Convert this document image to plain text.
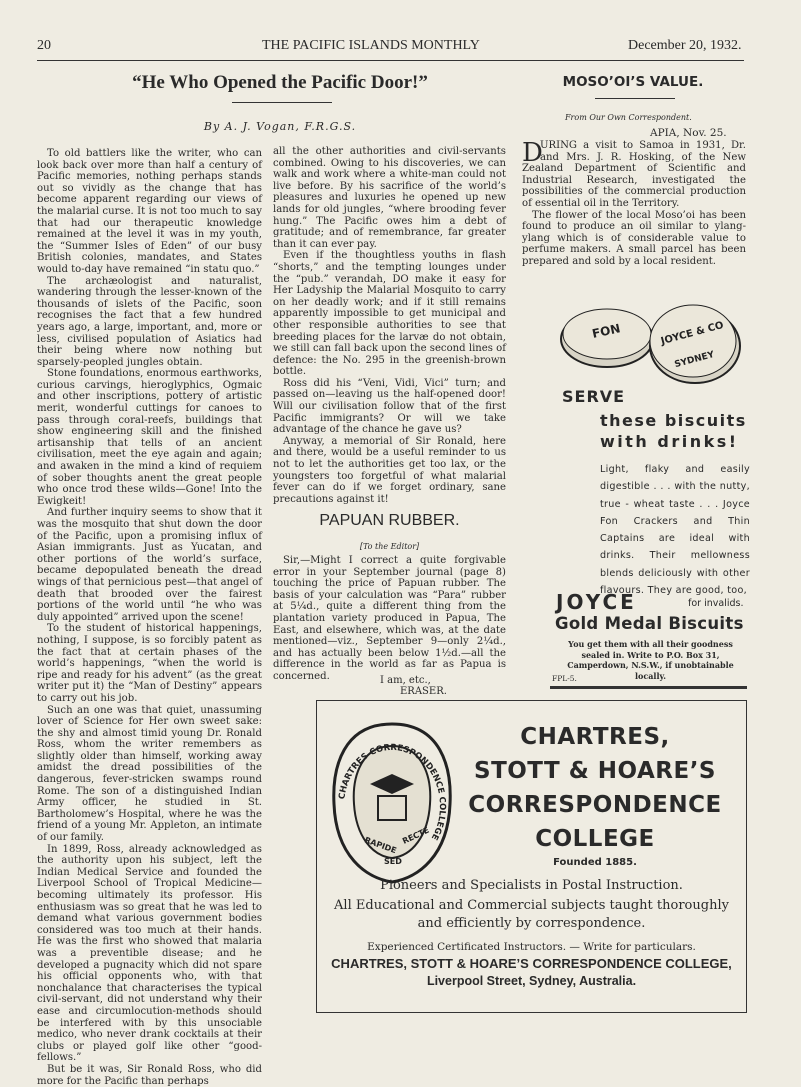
20	THE PACIFIC ISLANDS MONTHLY	December 20, 1932.
“He Who Opened the Pacific Door!”
By A. J. Vogan, F.R.G.S.

To old battlers like the writer, who can look back over more than half a century of Pacific memories, nothing perhaps stands out so vividly as the change that has become apparent regarding our views of the malarial curse. It is not too much to say that had our therapeutic knowledge remained at the level it was in my youth, the “Summer Isles of Eden” of our busy British colonies, mandates, and States would to-day have remained “in statu quo.”

The archæologist and naturalist, wandering through the lesser-known of the thousands of islets of the Pacific, soon recognises the fact that a few hundred years ago, a large, important, and, more or less, civilised population of Asiatics had their being where now nothing but sparsely-peopled jungles obtain.

Stone foundations, enormous earthworks, curious carvings, hieroglyphics, Ogmaic and other inscriptions, pottery of artistic merit, wonderful cuttings for canoes to pass through coral-reefs, buildings that show engineering skill and the finished artisanship that tells of an ancient civilisation, meet the eye again and again; and awaken in the mind a kind of requiem of sober thoughts anent the great people who once trod these wilds—Gone! Into the Ewigkeit!

And further inquiry seems to show that it was the mosquito that shut down the door of the Pacific, upon a promising influx of Asian immigrants. Just as Yucatan, and other portions of the world’s surface, became depopulated beneath the dread wings of that pernicious pest—that angel of death that brooded over the fairest portions of the world until “he who was duly appointed” arrived upon the scene!

To the student of historical happenings, nothing, I suppose, is so forcibly patent as the fact that at certain phases of the world’s happenings, “when the world is ripe and ready for his advent” (as the great writer put it) the “Man of Destiny” appears to carry out his job.

Such an one was that quiet, unassuming lover of Science for Her own sweet sake: the shy and almost timid young Dr. Ronald Ross, whom the writer remembers as slightly older than himself, working away amidst the dread possibilities of the dangerous, fever-stricken swamps round Rome. The son of a distinguished Indian Army officer, he studied in St. Bartholomew’s Hospital, where he was the friend of a young Mr. Appleton, an intimate of our family.

In 1899, Ross, already acknowledged as the authority upon his subject, left the Indian Medical Service and founded the Liverpool School of Tropical Medicine—becoming ultimately its professor. His enthusiasm was so great that he was led to demand what various government bodies considered was too much at their hands. He was the first who showed that malaria was a preventible disease; and he developed a pugnacity which did not spare his official opponents who, with that nonchalance that characterises the typical civil-servant, did not understand why their ease and circumlocution-methods should be interfered with by this unsociable medico, who never drank cocktails at their clubs or played golf like other “good-fellows.”

But be it was, Sir Ronald Ross, who did more for the Pacific than perhaps

all the other authorities and civil-servants combined. Owing to his discoveries, we can walk and work where a white-man could not live before. By his sacrifice of the world’s pleasures and luxuries he opened up new lands for old jungles, “where brooding fever hung.” The Pacific owes him a debt of gratitude; and of remembrance, far greater than it can ever pay.

Even if the thoughtless youths in flash “shorts,” and the tempting lounges under the “pub.” verandah, DO make it easy for Her Ladyship the Malarial Mosquito to carry on her deadly work; and if it still remains apparently impossible to get municipal and other responsible authorities to see that breeding places for the larvæ do not obtain, we still can fall back upon the second lines of defence: the No. 295 in the greenish-brown bottle.

Ross did his “Veni, Vidi, Vici” turn; and passed on—leaving us the half-opened door! Will our civilisation follow that of the first Pacific immigrants? Or will we take advantage of the chance he gave us?

Anyway, a memorial of Sir Ronald, here and there, would be a useful reminder to us not to let the authorities get too lax, or the youngsters too forgetful of what malarial fever can do if we forget ordinary, sane precautions against it!

PAPUAN RUBBER.
[To the Editor]

Sir,—Might I correct a quite forgivable error in your September journal (page 8) touching the price of Papuan rubber. The basis of your calculation was “Para” rubber at 5¼d., quite a different thing from the plantation variety produced in Papua, The East, and elsewhere, which was, at the date mentioned—viz., September 9—only 2¼d., and has actually been below 1½d.—all the difference in the world as far as Papua is concerned.	I am, etc.,
ERASER.
MOSO’OI’S VALUE.
From Our Own Correspondent.
APIA, Nov. 25.
D

URING a visit to Samoa in 1931, Dr. and Mrs. J. R. Hosking, of the New Zealand Department of Scientific and Industrial Research, investigated the possibilities of the commercial production of essential oil in the Territory.

The flower of the local Moso’oi has been found to produce an oil similar to ylang-ylang which is of considerable value to perfume makers. A small parcel has been prepared and sold by a local resident.

FON	JOYCE & CO
SYDNEY
SERVE
these biscuits
with drinks!
Light, flaky and easily digestible . . . with the nutty, true - wheat taste . . . Joyce Fon Crackers and Thin Captains are ideal with drinks. Their mellowness blends deliciously with other flavours. They are good, too,
JOYCE	for invalids.
Gold Medal Biscuits
You get them with all their goodness sealed in. Write to P.O. Box 31, Camperdown, N.S.W., if unobtainable locally.
FPL-5.
CHARTRES CORRESPONDENCE COLLEGE
RAPIDE RECTE
SED
CHARTRES,
STOTT & HOARE’S
CORRESPONDENCE
COLLEGE
Founded 1885.
Pioneers and Specialists in Postal Instruction.
All Educational and Commercial subjects taught thoroughly
and efficiently by correspondence.
Experienced Certificated Instructors. — Write for particulars.
CHARTRES, STOTT & HOARE’S CORRESPONDENCE COLLEGE,
Liverpool Street, Sydney, Australia.
